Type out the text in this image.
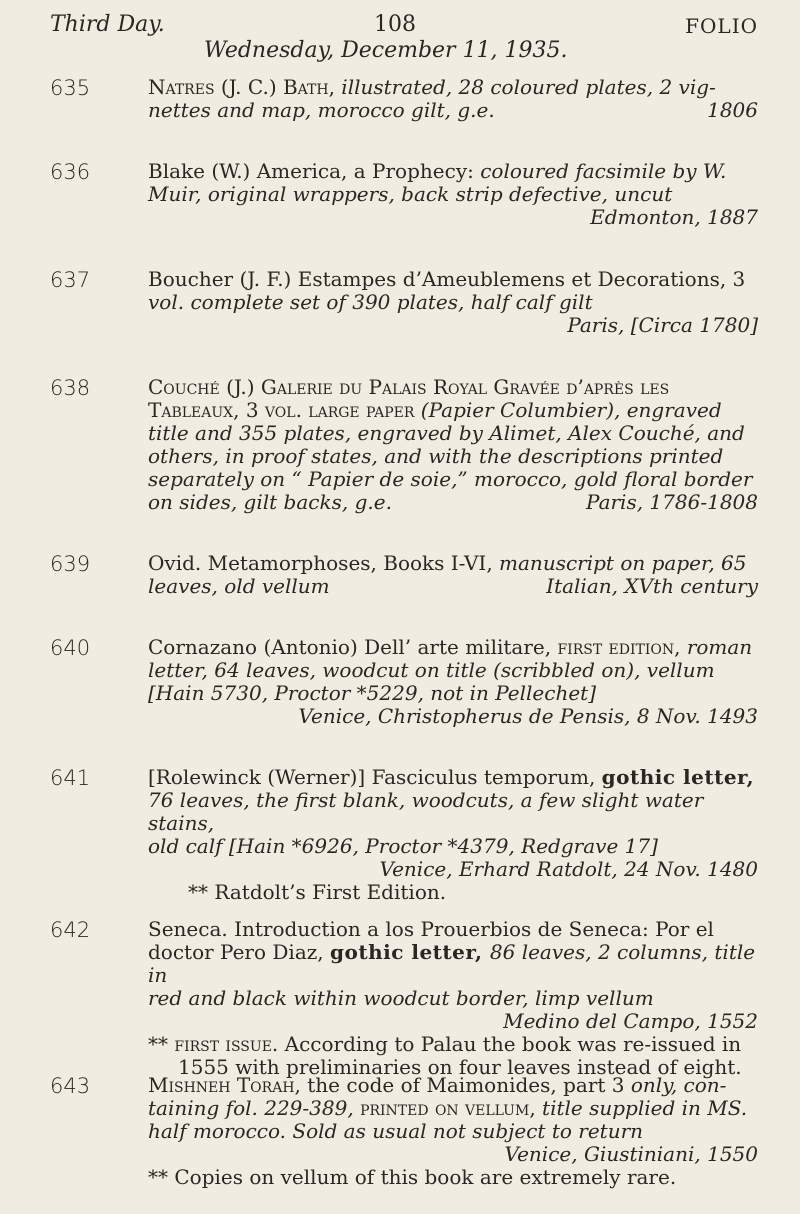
Third Day.	108	FOLIO
Wednesday, December 11, 1935.
635	Natres (J. C.) Bath, illustrated, 28 coloured plates, 2 vig-

nettes and map, morocco gilt, g.e.	1806

636	Blake (W.) America, a Prophecy: coloured facsimile by W.

Muir, original wrappers, back strip defective, uncut

Edmonton, 1887

637	Boucher (J. F.) Estampes d’Ameublemens et Decorations, 3

vol. complete set of 390 plates, half calf gilt

Paris, [Circa 1780]

638	Couché (J.) Galerie du Palais Royal Gravée d’après les

Tableaux, 3 vol. large paper (Papier Columbier), engraved

title and 355 plates, engraved by Alimet, Alex Couché, and

others, in proof states, and with the descriptions printed

separately on “ Papier de soie,” morocco, gold floral border

on sides, gilt backs, g.e.	Paris, 1786-1808

639	Ovid. Metamorphoses, Books I-VI, manuscript on paper, 65

leaves, old vellum	Italian, XVth century

640	Cornazano (Antonio) Dell’ arte militare, first edition, roman

letter, 64 leaves, woodcut on title (scribbled on), vellum

[Hain 5730, Proctor *5229, not in Pellechet]

Venice, Christopherus de Pensis, 8 Nov. 1493

641	[Rolewinck (Werner)] Fasciculus temporum, gothic letter,

76 leaves, the first blank, woodcuts, a few slight water stains,

old calf [Hain *6926, Proctor *4379, Redgrave 17]

Venice, Erhard Ratdolt, 24 Nov. 1480

** Ratdolt’s First Edition.

642	Seneca. Introduction a los Prouerbios de Seneca: Por el

doctor Pero Diaz, gothic letter, 86 leaves, 2 columns, title in

red and black within woodcut border, limp vellum

Medino del Campo, 1552

** first issue. According to Palau the book was re-issued in

1555 with preliminaries on four leaves instead of eight.

643	Mishneh Torah, the code of Maimonides, part 3 only, con-

taining fol. 229-389, printed on vellum, title supplied in MS.

half morocco. Sold as usual not subject to return

Venice, Giustiniani, 1550

** Copies on vellum of this book are extremely rare.
